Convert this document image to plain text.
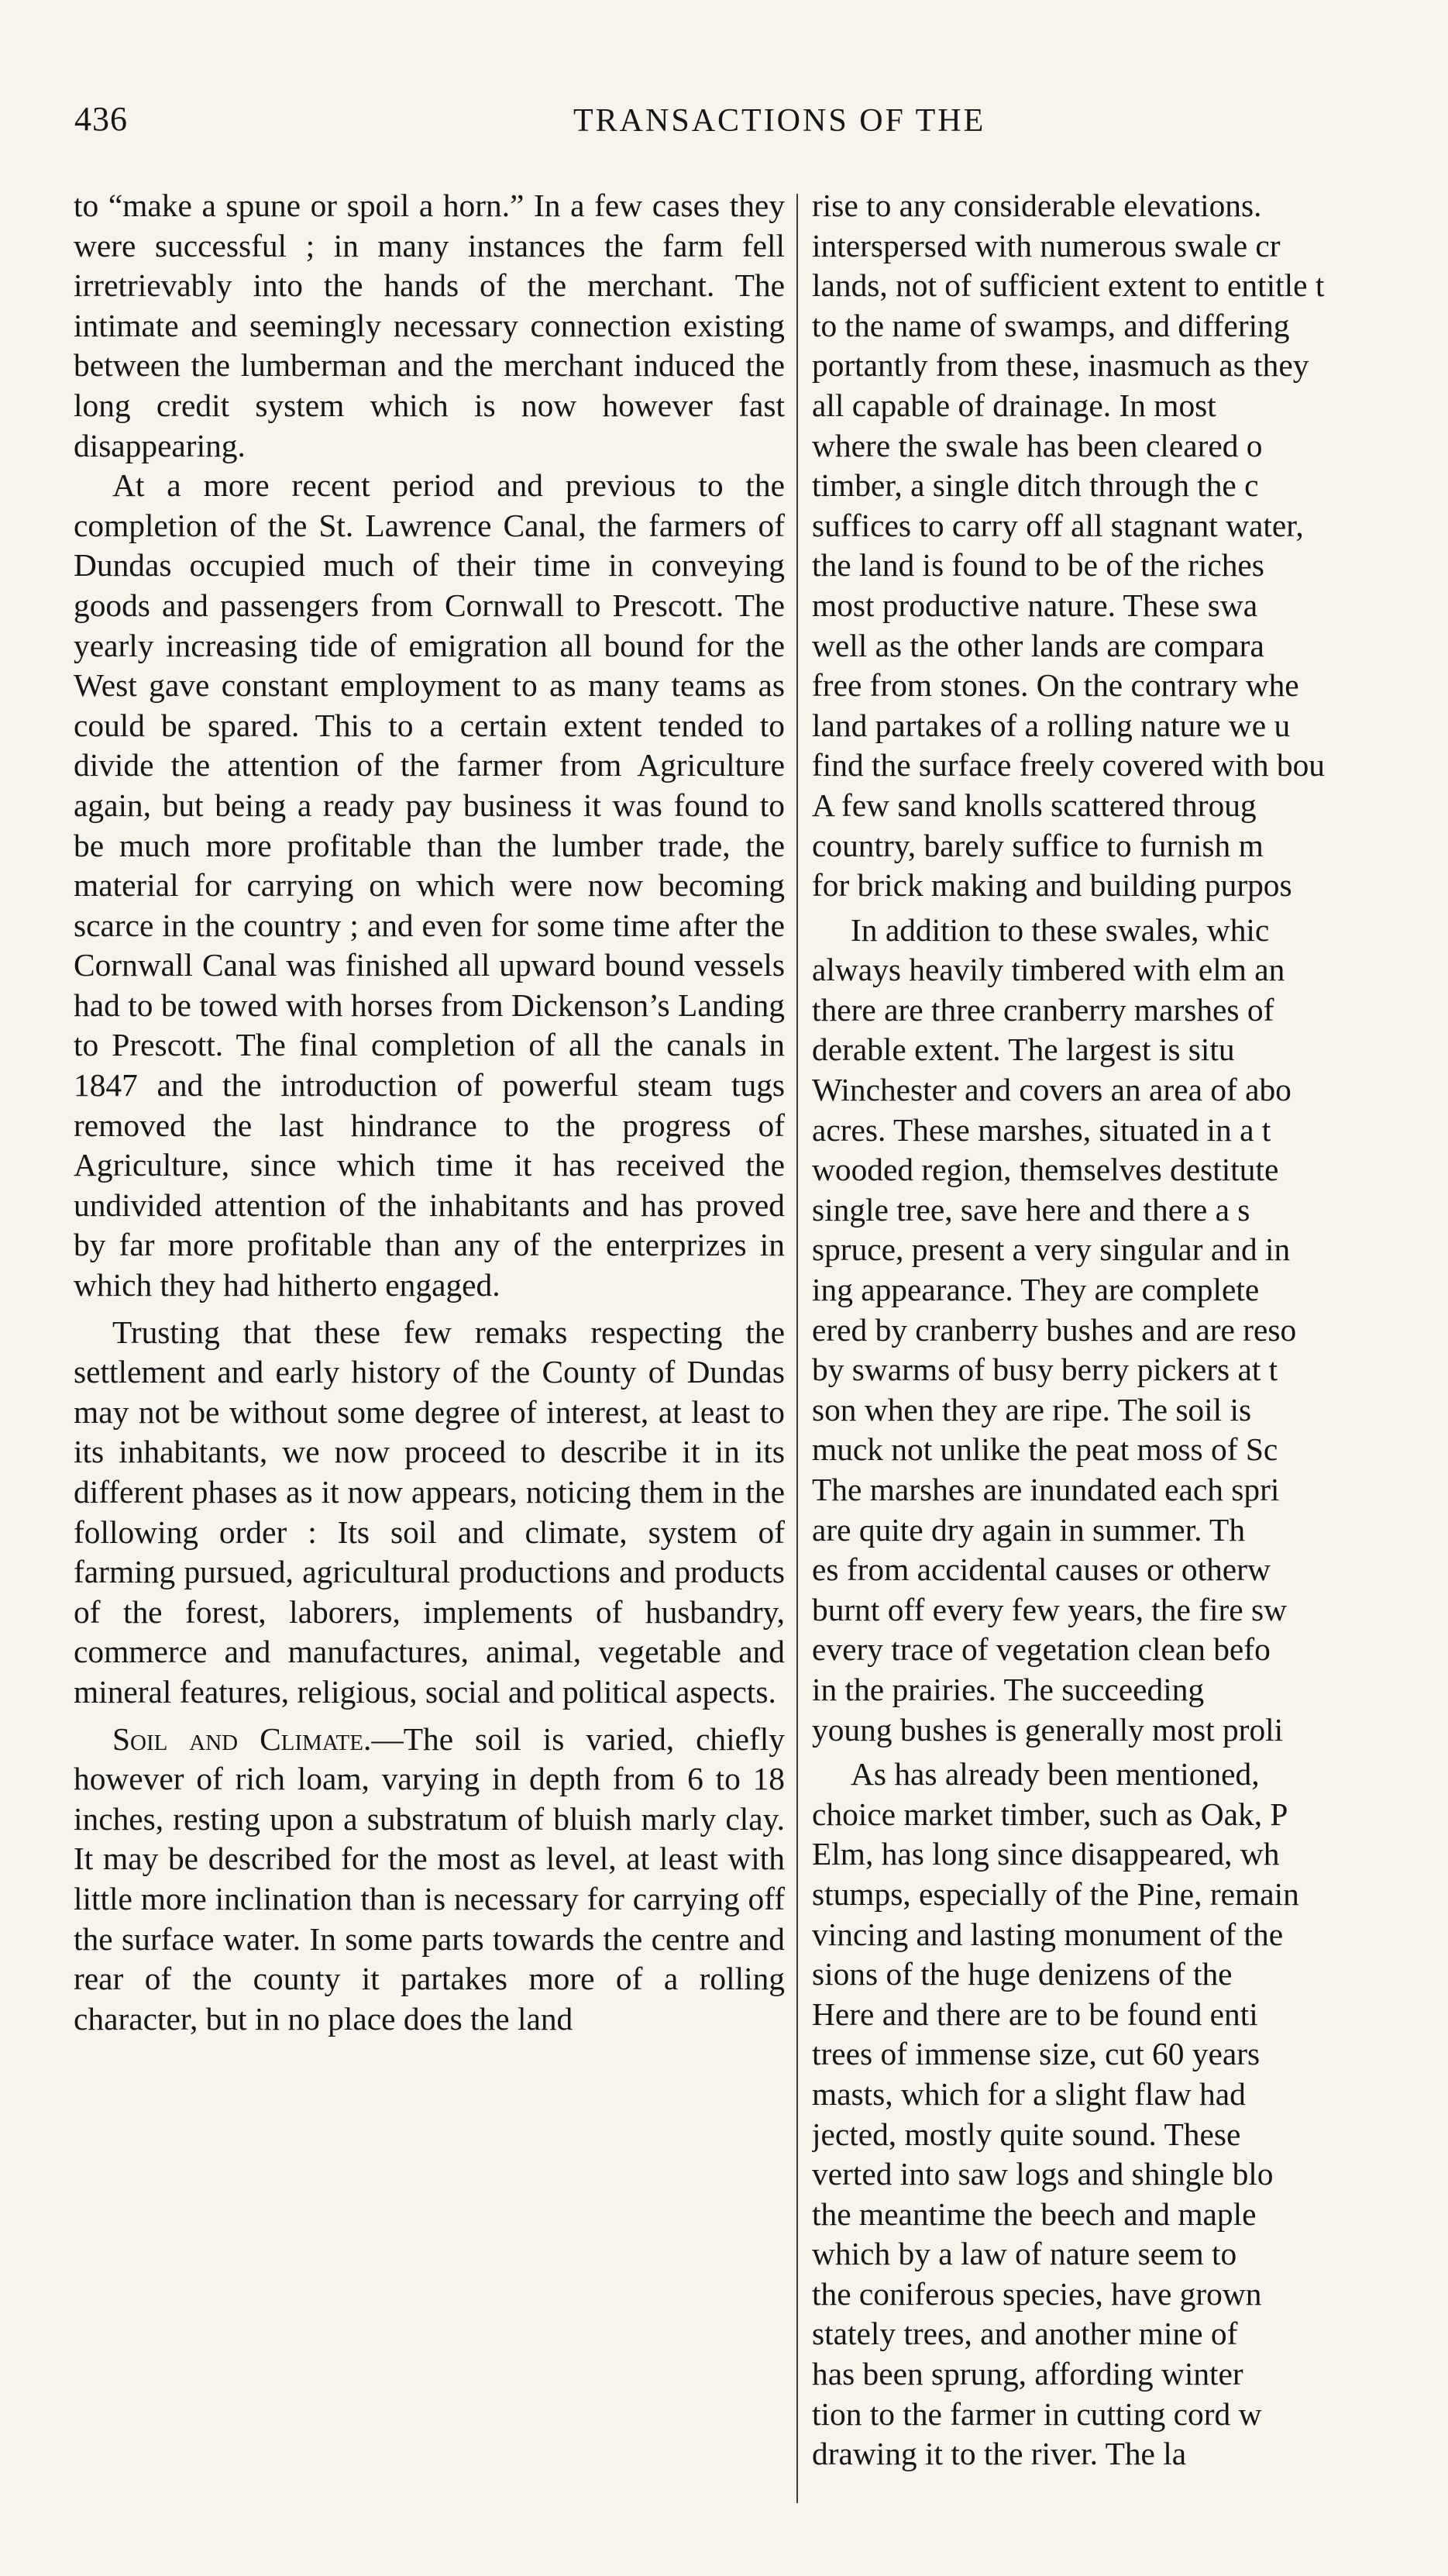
436	TRANSACTIONS OF THE

to “make a spune or spoil a horn.” In a few cases they were successful ; in many instances the farm fell irretrievably into the hands of the merchant. The intimate and seemingly necessary connection existing between the lumberman and the merchant induced the long credit system which is now however fast disappearing.

At a more recent period and previous to the completion of the St. Lawrence Canal, the farmers of Dundas occupied much of their time in conveying goods and passengers from Cornwall to Prescott. The yearly increasing tide of emigration all bound for the West gave constant employment to as many teams as could be spared. This to a certain extent tended to divide the attention of the farmer from Agriculture again, but being a ready pay business it was found to be much more profitable than the lumber trade, the material for carrying on which were now becoming scarce in the country ; and even for some time after the Cornwall Canal was finished all upward bound vessels had to be towed with horses from Dickenson’s Landing to Prescott. The final completion of all the canals in 1847 and the introduction of powerful steam tugs removed the last hindrance to the progress of Agriculture, since which time it has received the undivided attention of the inhabitants and has proved by far more profitable than any of the enterprizes in which they had hitherto engaged.

Trusting that these few remaks respecting the settlement and early history of the County of Dundas may not be without some degree of interest, at least to its inhabitants, we now proceed to describe it in its different phases as it now appears, noticing them in the following order : Its soil and climate, system of farming pursued, agricultural productions and products of the forest, laborers, implements of husbandry, commerce and manufactures, animal, vegetable and mineral features, religious, social and political aspects.

Soil and Climate.—The soil is varied, chiefly however of rich loam, varying in depth from 6 to 18 inches, resting upon a substratum of bluish marly clay. It may be described for the most as level, at least with little more inclination than is necessary for carrying off the surface water. In some parts towards the centre and rear of the county it partakes more of a rolling character, but in no place does the land

rise to any considerable elevations.
interspersed with numerous swale cr
lands, not of sufficient extent to entitle t
to the name of swamps, and differing
portantly from these, inasmuch as they
all capable of drainage. In most
where the swale has been cleared o
timber, a single ditch through the c
suffices to carry off all stagnant water,
the land is found to be of the riches
most productive nature. These swa
well as the other lands are compara
free from stones. On the contrary whe
land partakes of a rolling nature we u
find the surface freely covered with bou
A few sand knolls scattered throug
country, barely suffice to furnish m
for brick making and building purpos
In addition to these swales, whic
always heavily timbered with elm an
there are three cranberry marshes of
derable extent. The largest is situ
Winchester and covers an area of abo
acres. These marshes, situated in a t
wooded region, themselves destitute
single tree, save here and there a s
spruce, present a very singular and in
ing appearance. They are complete
ered by cranberry bushes and are reso
by swarms of busy berry pickers at t
son when they are ripe. The soil is
muck not unlike the peat moss of Sc
The marshes are inundated each spri
are quite dry again in summer. Th
es from accidental causes or otherw
burnt off every few years, the fire sw
every trace of vegetation clean befo
in the prairies. The succeeding
young bushes is generally most proli
As has already been mentioned,
choice market timber, such as Oak, P
Elm, has long since disappeared, wh
stumps, especially of the Pine, remain
vincing and lasting monument of the
sions of the huge denizens of the
Here and there are to be found enti
trees of immense size, cut 60 years
masts, which for a slight flaw had
jected, mostly quite sound. These
verted into saw logs and shingle blo
the meantime the beech and maple
which by a law of nature seem to
the coniferous species, have grown
stately trees, and another mine of
has been sprung, affording winter
tion to the farmer in cutting cord w
drawing it to the river. The la
